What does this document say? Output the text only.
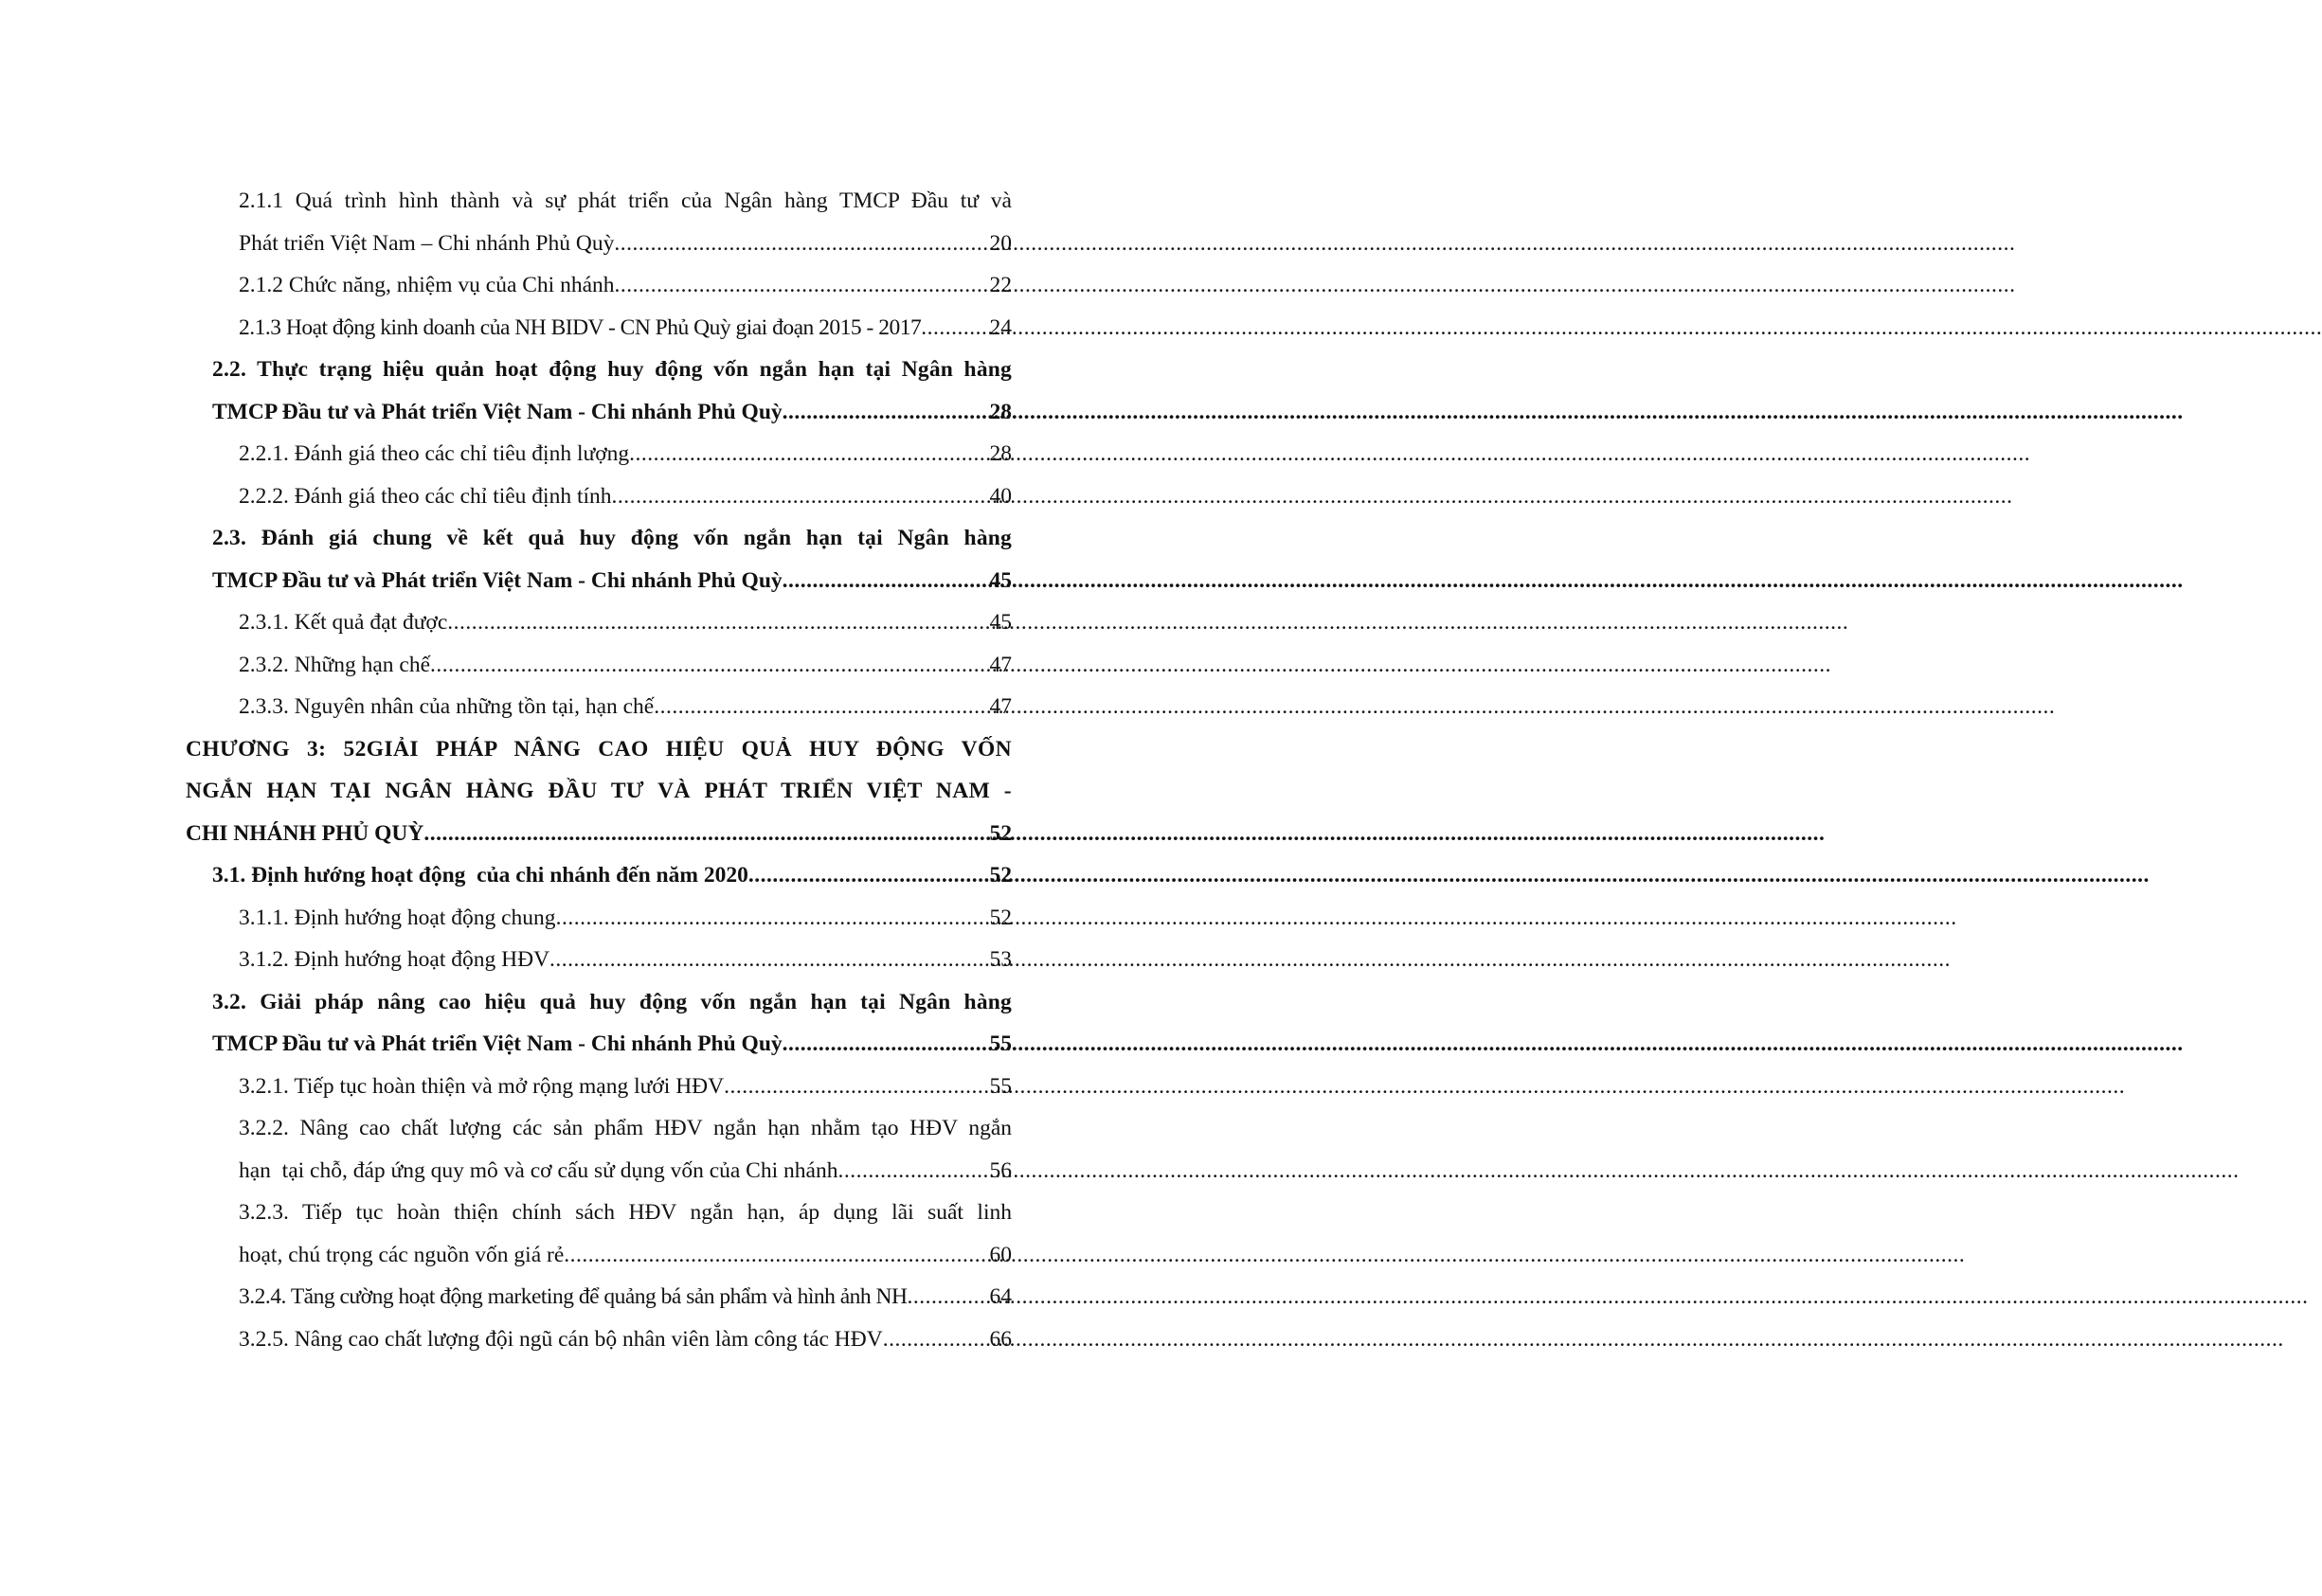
2.1.1 Quá trình hình thành và sự phát triển của Ngân hàng TMCP Đầu tư và
Phát triển Việt Nam – Chi nhánh Phủ Quỳ .....	20
2.1.2 Chức năng, nhiệm vụ của Chi nhánh .....	22
2.1.3 Hoạt động kinh doanh của NH BIDV - CN Phủ Quỳ giai đoạn 2015 - 2017 .....	24
2.2. Thực trạng hiệu quản hoạt động huy động vốn ngắn hạn tại Ngân hàng
TMCP Đầu tư và Phát triển Việt Nam - Chi nhánh Phủ Quỳ .....	28
2.2.1. Đánh giá theo các chỉ tiêu định lượng .....	28
2.2.2. Đánh giá theo các chỉ tiêu định tính .....	40
2.3. Đánh giá chung về kết quả huy động vốn ngắn hạn tại Ngân hàng
TMCP Đầu tư và Phát triển Việt Nam - Chi nhánh Phủ Quỳ .....	45
2.3.1. Kết quả đạt được .....	45
2.3.2. Những hạn chế .....	47
2.3.3. Nguyên nhân của những tồn tại, hạn chế .....	47
CHƯƠNG 3: 52GIẢI PHÁP NÂNG CAO HIỆU QUẢ HUY ĐỘNG VỐN
NGẮN HẠN TẠI NGÂN HÀNG ĐẦU TƯ VÀ PHÁT TRIỂN VIỆT NAM -
CHI NHÁNH PHỦ QUỲ .....	52
3.1. Định hướng hoạt động  của chi nhánh đến năm 2020 .....	52
3.1.1. Định hướng hoạt động chung .....	52
3.1.2. Định hướng hoạt động HĐV .....	53
3.2. Giải pháp nâng cao hiệu quả huy động vốn ngắn hạn tại Ngân hàng
TMCP Đầu tư và Phát triển Việt Nam - Chi nhánh Phủ Quỳ .....	55
3.2.1. Tiếp tục hoàn thiện và mở rộng mạng lưới HĐV .....	55
3.2.2. Nâng cao chất lượng các sản phẩm HĐV ngắn hạn nhằm tạo HĐV ngắn
hạn  tại chỗ, đáp ứng quy mô và cơ cấu sử dụng vốn của Chi nhánh .....	56
3.2.3. Tiếp tục hoàn thiện chính sách HĐV ngắn hạn, áp dụng lãi suất linh
hoạt, chú trọng các nguồn vốn giá rẻ .....	60
3.2.4. Tăng cường hoạt động marketing để quảng bá sản phẩm và hình ảnh NH .....	64
3.2.5. Nâng cao chất lượng đội ngũ cán bộ nhân viên làm công tác HĐV .....	66
